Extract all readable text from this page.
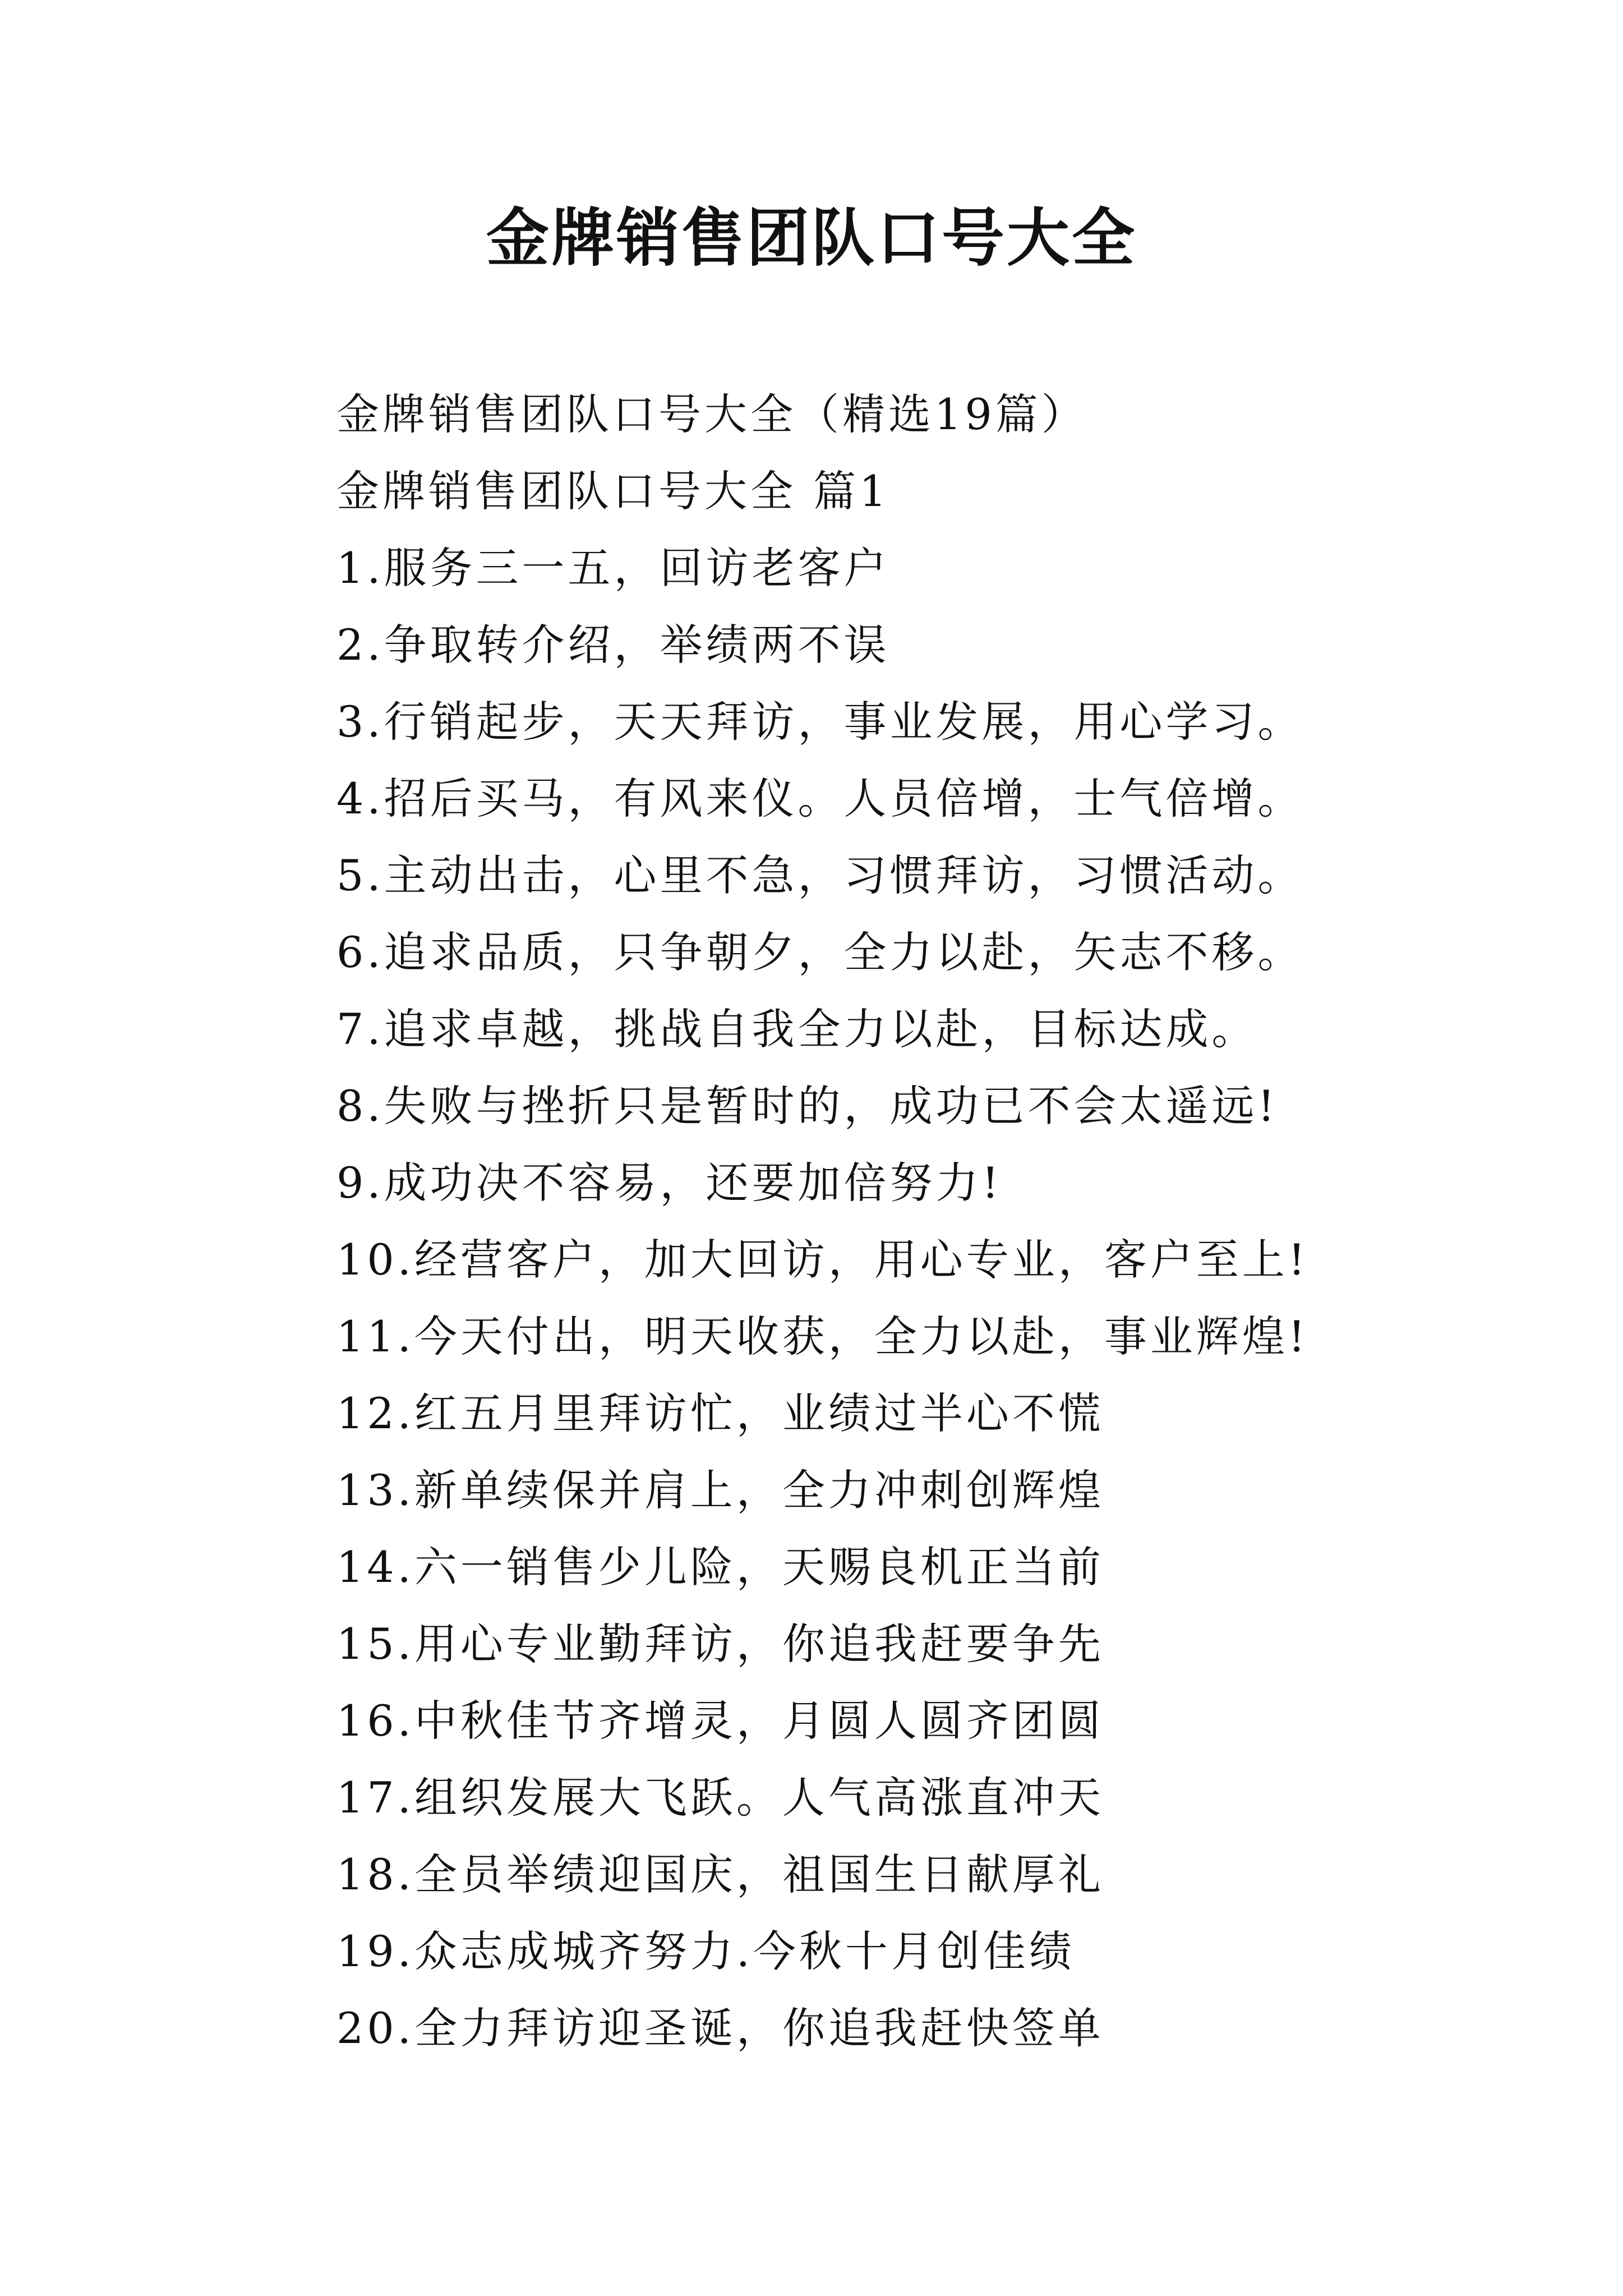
金牌销售团队口号大全
金牌销售团队口号大全（精选19篇）
金牌销售团队口号大全 篇1
1.服务三一五，回访老客户
2.争取转介绍，举绩两不误
3.行销起步，天天拜访，事业发展，用心学习。
4.招后买马，有风来仪。人员倍增，士气倍增。
5.主动出击，心里不急，习惯拜访，习惯活动。
6.追求品质，只争朝夕，全力以赴，矢志不移。
7.追求卓越，挑战自我全力以赴，目标达成。
8.失败与挫折只是暂时的，成功已不会太遥远!
9.成功决不容易，还要加倍努力!
10.经营客户，加大回访，用心专业，客户至上!
11.今天付出，明天收获，全力以赴，事业辉煌!
12.红五月里拜访忙，业绩过半心不慌
13.新单续保并肩上，全力冲刺创辉煌
14.六一销售少儿险，天赐良机正当前
15.用心专业勤拜访，你追我赶要争先
16.中秋佳节齐增灵，月圆人圆齐团圆
17.组织发展大飞跃。人气高涨直冲天
18.全员举绩迎国庆，祖国生日献厚礼
19.众志成城齐努力.今秋十月创佳绩
20.全力拜访迎圣诞，你追我赶快签单
